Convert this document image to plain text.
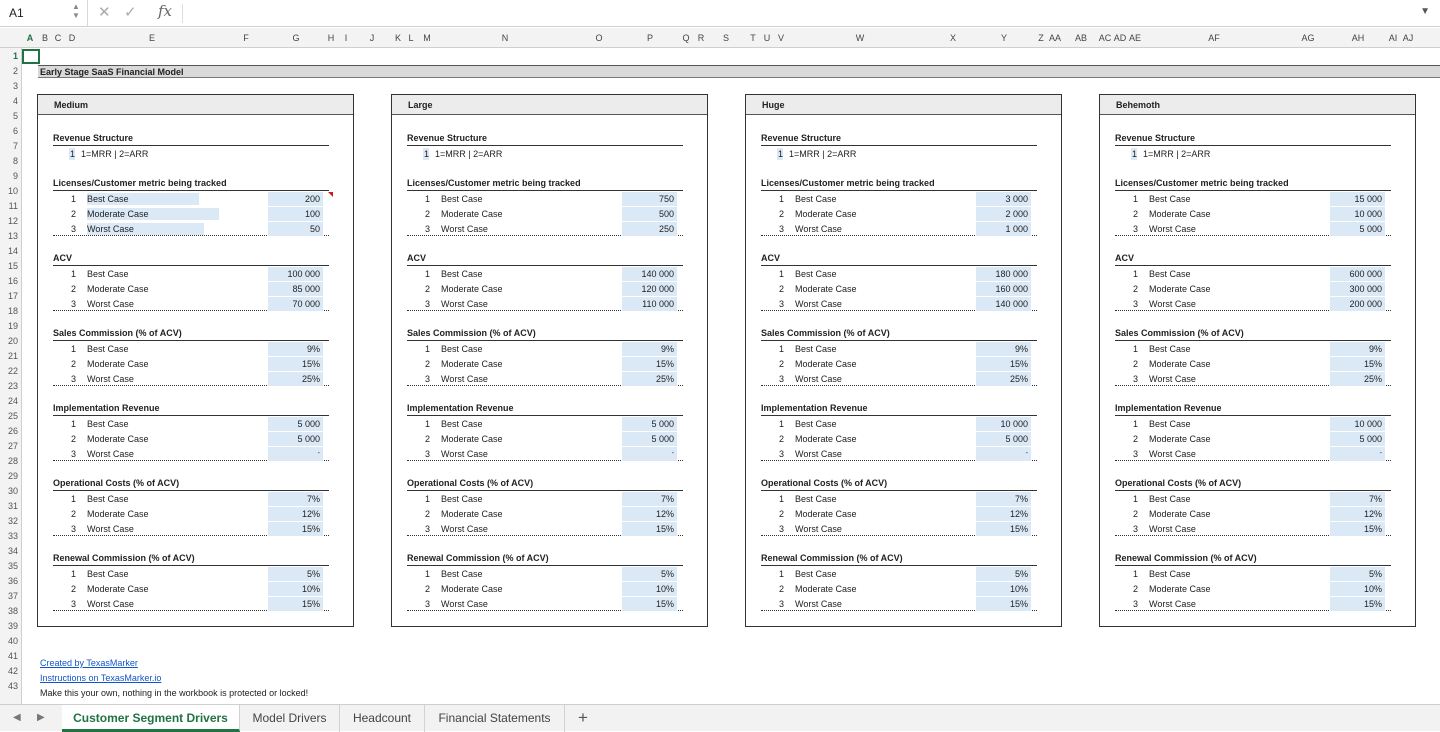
A1	▲
▼ ✕ ✓ fx	▼
A B C D	E	F	G	H I J K L M	N	O	P	Q R S T U V	W	X	Y	Z AA AB AC AD AE	AF	AG	AH	AI AJ
1
2
3
4
5
6
7
8
9
10
11
12
13
14
15
16
17
18
19
20
21
22
23
24
25
26
27
28
29
30
31
32
33
34
35
36
37
38
39
40
41
42
43
Early Stage SaaS Financial Model
Medium
Revenue Structure
1 1=MRR | 2=ARR
Licenses/Customer metric being tracked
1 Best Case	200
2 Moderate Case	100
3 Worst Case	50
ACV
1 Best Case	100 000
2 Moderate Case	85 000
3 Worst Case	70 000
Sales Commission (% of ACV)
1 Best Case	9%
2 Moderate Case	15%
3 Worst Case	25%
Implementation Revenue
1 Best Case	5 000
2 Moderate Case	5 000
3 Worst Case	-
Operational Costs (% of ACV)
1 Best Case	7%
2 Moderate Case	12%
3 Worst Case	15%
Renewal Commission (% of ACV)
1 Best Case	5%
2 Moderate Case	10%
3 Worst Case	15%
Large
Revenue Structure
1 1=MRR | 2=ARR
Licenses/Customer metric being tracked
1 Best Case	750
2 Moderate Case	500
3 Worst Case	250
ACV
1 Best Case	140 000
2 Moderate Case	120 000
3 Worst Case	110 000
Sales Commission (% of ACV)
1 Best Case	9%
2 Moderate Case	15%
3 Worst Case	25%
Implementation Revenue
1 Best Case	5 000
2 Moderate Case	5 000
3 Worst Case	-
Operational Costs (% of ACV)
1 Best Case	7%
2 Moderate Case	12%
3 Worst Case	15%
Renewal Commission (% of ACV)
1 Best Case	5%
2 Moderate Case	10%
3 Worst Case	15%
Huge
Revenue Structure
1 1=MRR | 2=ARR
Licenses/Customer metric being tracked
1 Best Case	3 000
2 Moderate Case	2 000
3 Worst Case	1 000
ACV
1 Best Case	180 000
2 Moderate Case	160 000
3 Worst Case	140 000
Sales Commission (% of ACV)
1 Best Case	9%
2 Moderate Case	15%
3 Worst Case	25%
Implementation Revenue
1 Best Case	10 000
2 Moderate Case	5 000
3 Worst Case	-
Operational Costs (% of ACV)
1 Best Case	7%
2 Moderate Case	12%
3 Worst Case	15%
Renewal Commission (% of ACV)
1 Best Case	5%
2 Moderate Case	10%
3 Worst Case	15%
Behemoth
Revenue Structure
1 1=MRR | 2=ARR
Licenses/Customer metric being tracked
1 Best Case	15 000
2 Moderate Case	10 000
3 Worst Case	5 000
ACV
1 Best Case	600 000
2 Moderate Case	300 000
3 Worst Case	200 000
Sales Commission (% of ACV)
1 Best Case	9%
2 Moderate Case	15%
3 Worst Case	25%
Implementation Revenue
1 Best Case	10 000
2 Moderate Case	5 000
3 Worst Case	-
Operational Costs (% of ACV)
1 Best Case	7%
2 Moderate Case	12%
3 Worst Case	15%
Renewal Commission (% of ACV)
1 Best Case	5%
2 Moderate Case	10%
3 Worst Case	15%
Created by TexasMarker
Instructions on TexasMarker.io
Make this your own, nothing in the workbook is protected or locked!
◀ ▶	Customer Segment Drivers	Model Drivers	Headcount	Financial Statements	+
